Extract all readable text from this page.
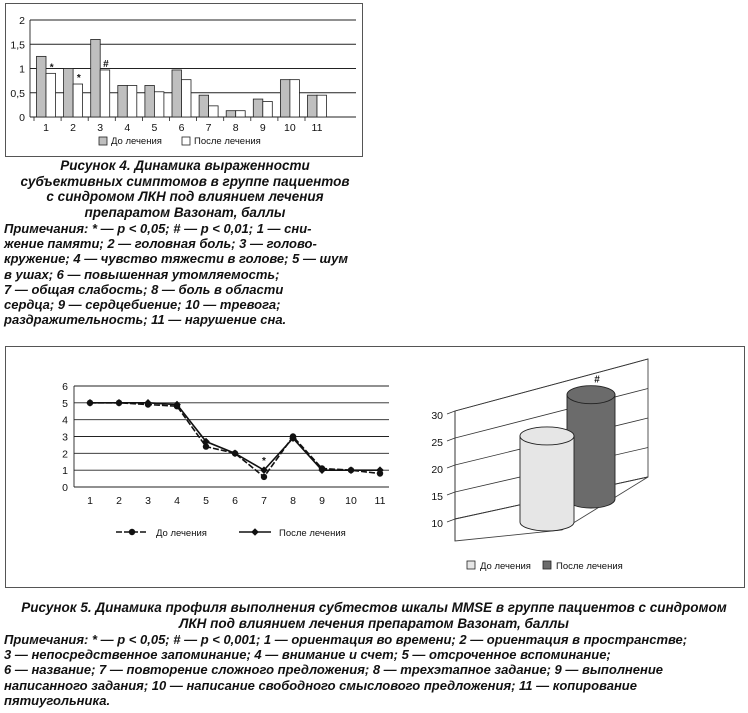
0
0,5
1
1,5
2
1 2 3 4 5 6 7 8 9 10 11
*
*
#
До лечения	После лечения
Рисунок 4. Динамика выраженности
субъективных симптомов в группе пациентов
с синдромом ЛКН под влиянием лечения
препаратом Вазонат, баллы
Примечания: * — p < 0,05; # — p < 0,01; 1 — сни-
жение памяти; 2 — головная боль; 3 — голово-
кружение; 4 — чувство тяжести в голове; 5 — шум
в ушах; 6 — повышенная утомляемость;
7 — общая слабость; 8 — боль в области
сердца; 9 — сердцебиение; 10 — тревога;
раздражительность; 11 — нарушение сна.
0
1
2
3
4
5
6
1 2 3 4 5 6 7 8 9 10 11
*
До лечения	После лечения
10
15
20
25
30
#
До лечения	После лечения
Рисунок 5. Динамика профиля выполнения субтестов шкалы MMSE в группе пациентов с синдромом
ЛКН под влиянием лечения препаратом Вазонат, баллы
Примечания: * — p < 0,05; # — p < 0,001; 1 — ориентация во времени; 2 — ориентация в пространстве;
3 — непосредственное запоминание; 4 — внимание и счет; 5 — отсроченное вспоминание;
6 — название; 7 — повторение сложного предложения; 8 — трехэтапное задание; 9 — выполнение
написанного задания; 10 — написание свободного смыслового предложения; 11 — копирование
пятиугольника.
